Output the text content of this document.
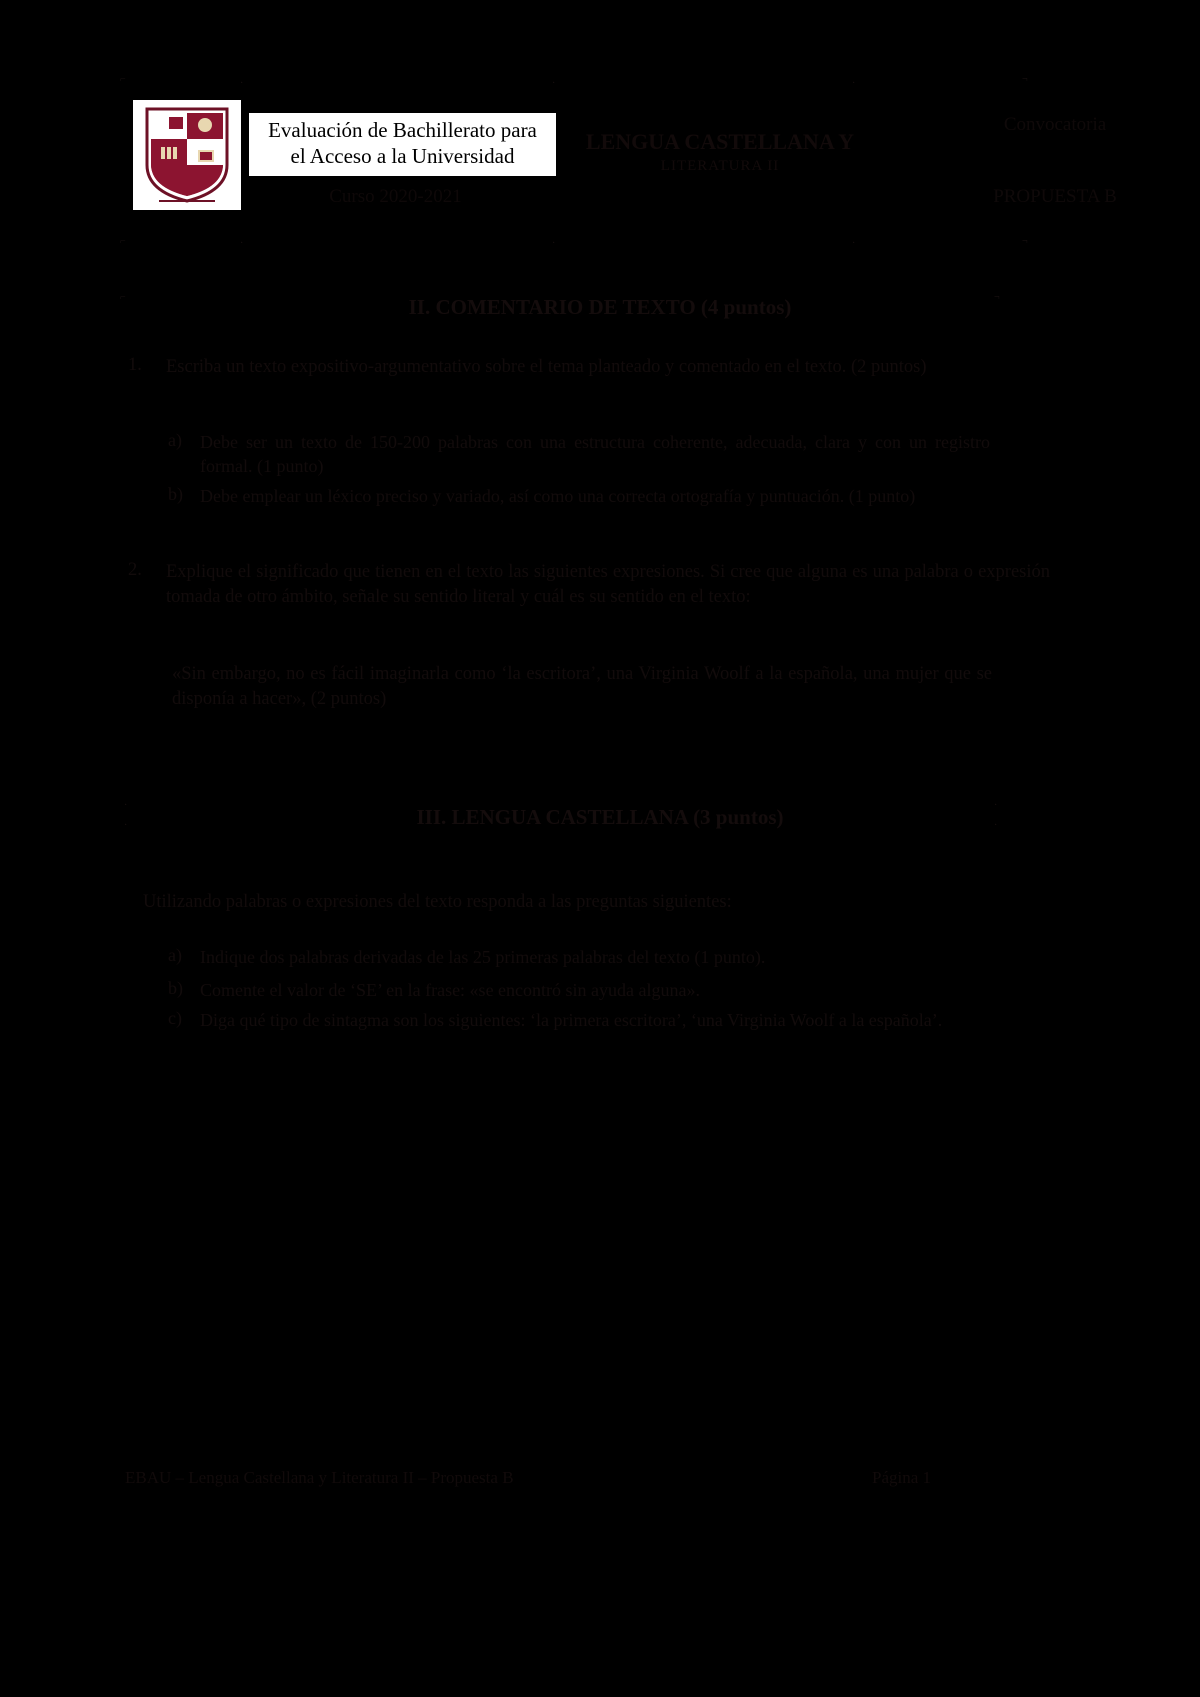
⌐	·	·	·	¬
⌐	·	·	·	¬
⌐	¬
·	·
·	·
Evaluación de Bachillerato para
el Acceso a la Universidad
LENGUA CASTELLANA Y
LITERATURA II
Curso 2020-2021
Convocatoria
PROPUESTA B
II. COMENTARIO DE TEXTO (4 puntos)
1. Escriba un texto expositivo-argumentativo sobre el tema planteado y comentado en el texto. (2 puntos)
a) Debe ser un texto de 150-200 palabras con una estructura coherente, adecuada, clara y con un registro formal. (1 punto)
b) Debe emplear un léxico preciso y variado, así como una correcta ortografía y puntuación. (1 punto)
2. Explique el significado que tienen en el texto las siguientes expresiones. Si cree que alguna es una palabra o expresión tomada de otro ámbito, señale su sentido literal y cuál es su sentido en el texto:
«Sin embargo, no es fácil imaginarla como ‘la escritora’, una Virginia Woolf a la española, una mujer que se disponía a hacer», (2 puntos)
III. LENGUA CASTELLANA (3 puntos)
Utilizando palabras o expresiones del texto responda a las preguntas siguientes:
a) Indique dos palabras derivadas de las 25 primeras palabras del texto (1 punto).
b) Comente el valor de ‘SE’ en la frase: «se encontró sin ayuda alguna».
c) Diga qué tipo de sintagma son los siguientes: ‘la primera escritora’, ‘una Virginia Woolf a la española’.
EBAU – Lengua Castellana y Literatura II – Propuesta B	Página 1
